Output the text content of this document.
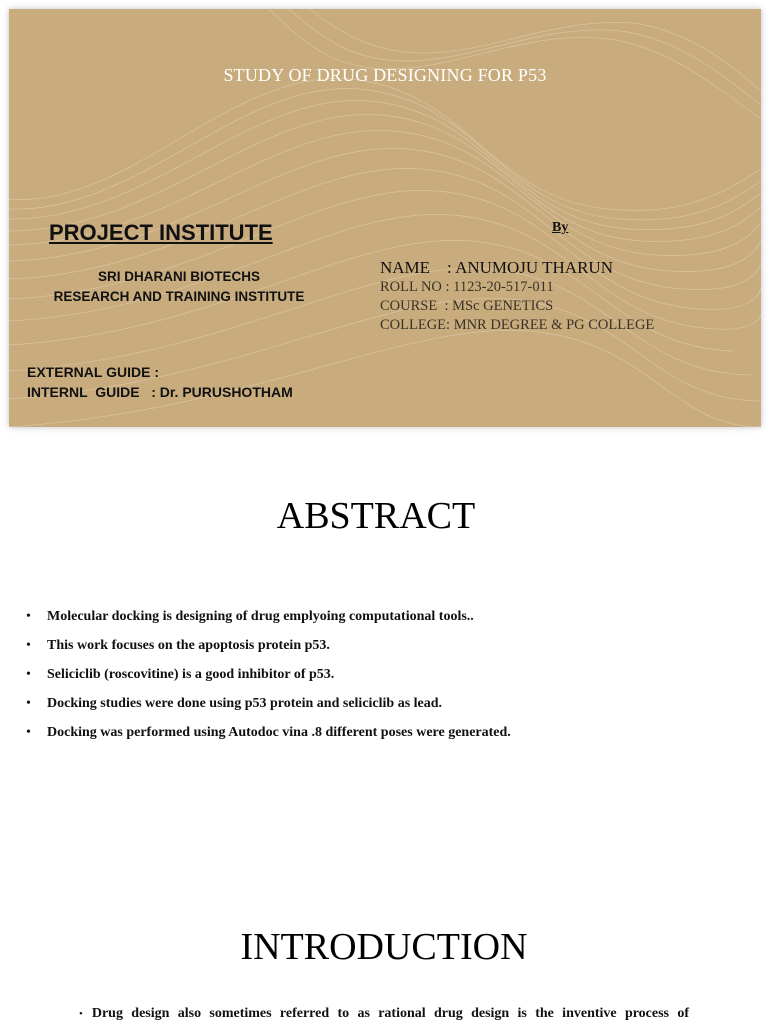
STUDY OF DRUG DESIGNING FOR P53
PROJECT INSTITUTE
SRI DHARANI BIOTECHS
RESEARCH AND TRAINING INSTITUTE
EXTERNAL GUIDE :
INTERNL  GUIDE   : Dr. PURUSHOTHAM
By
NAME    : ANUMOJU THARUN
ROLL NO : 1123-20-517-011
COURSE  : MSc GENETICS
COLLEGE: MNR DEGREE & PG COLLEGE
ABSTRACT
• Molecular docking is designing of drug emplyoing computational tools..
• This work focuses on the apoptosis protein p53.
• Seliciclib (roscovitine) is a good inhibitor of p53.
• Docking studies were done using p53 protein and seliciclib as lead.
• Docking was performed using Autodoc vina .8 different poses were generated.
INTRODUCTION
• Drug design also sometimes referred to as rational drug design is the inventive process of
